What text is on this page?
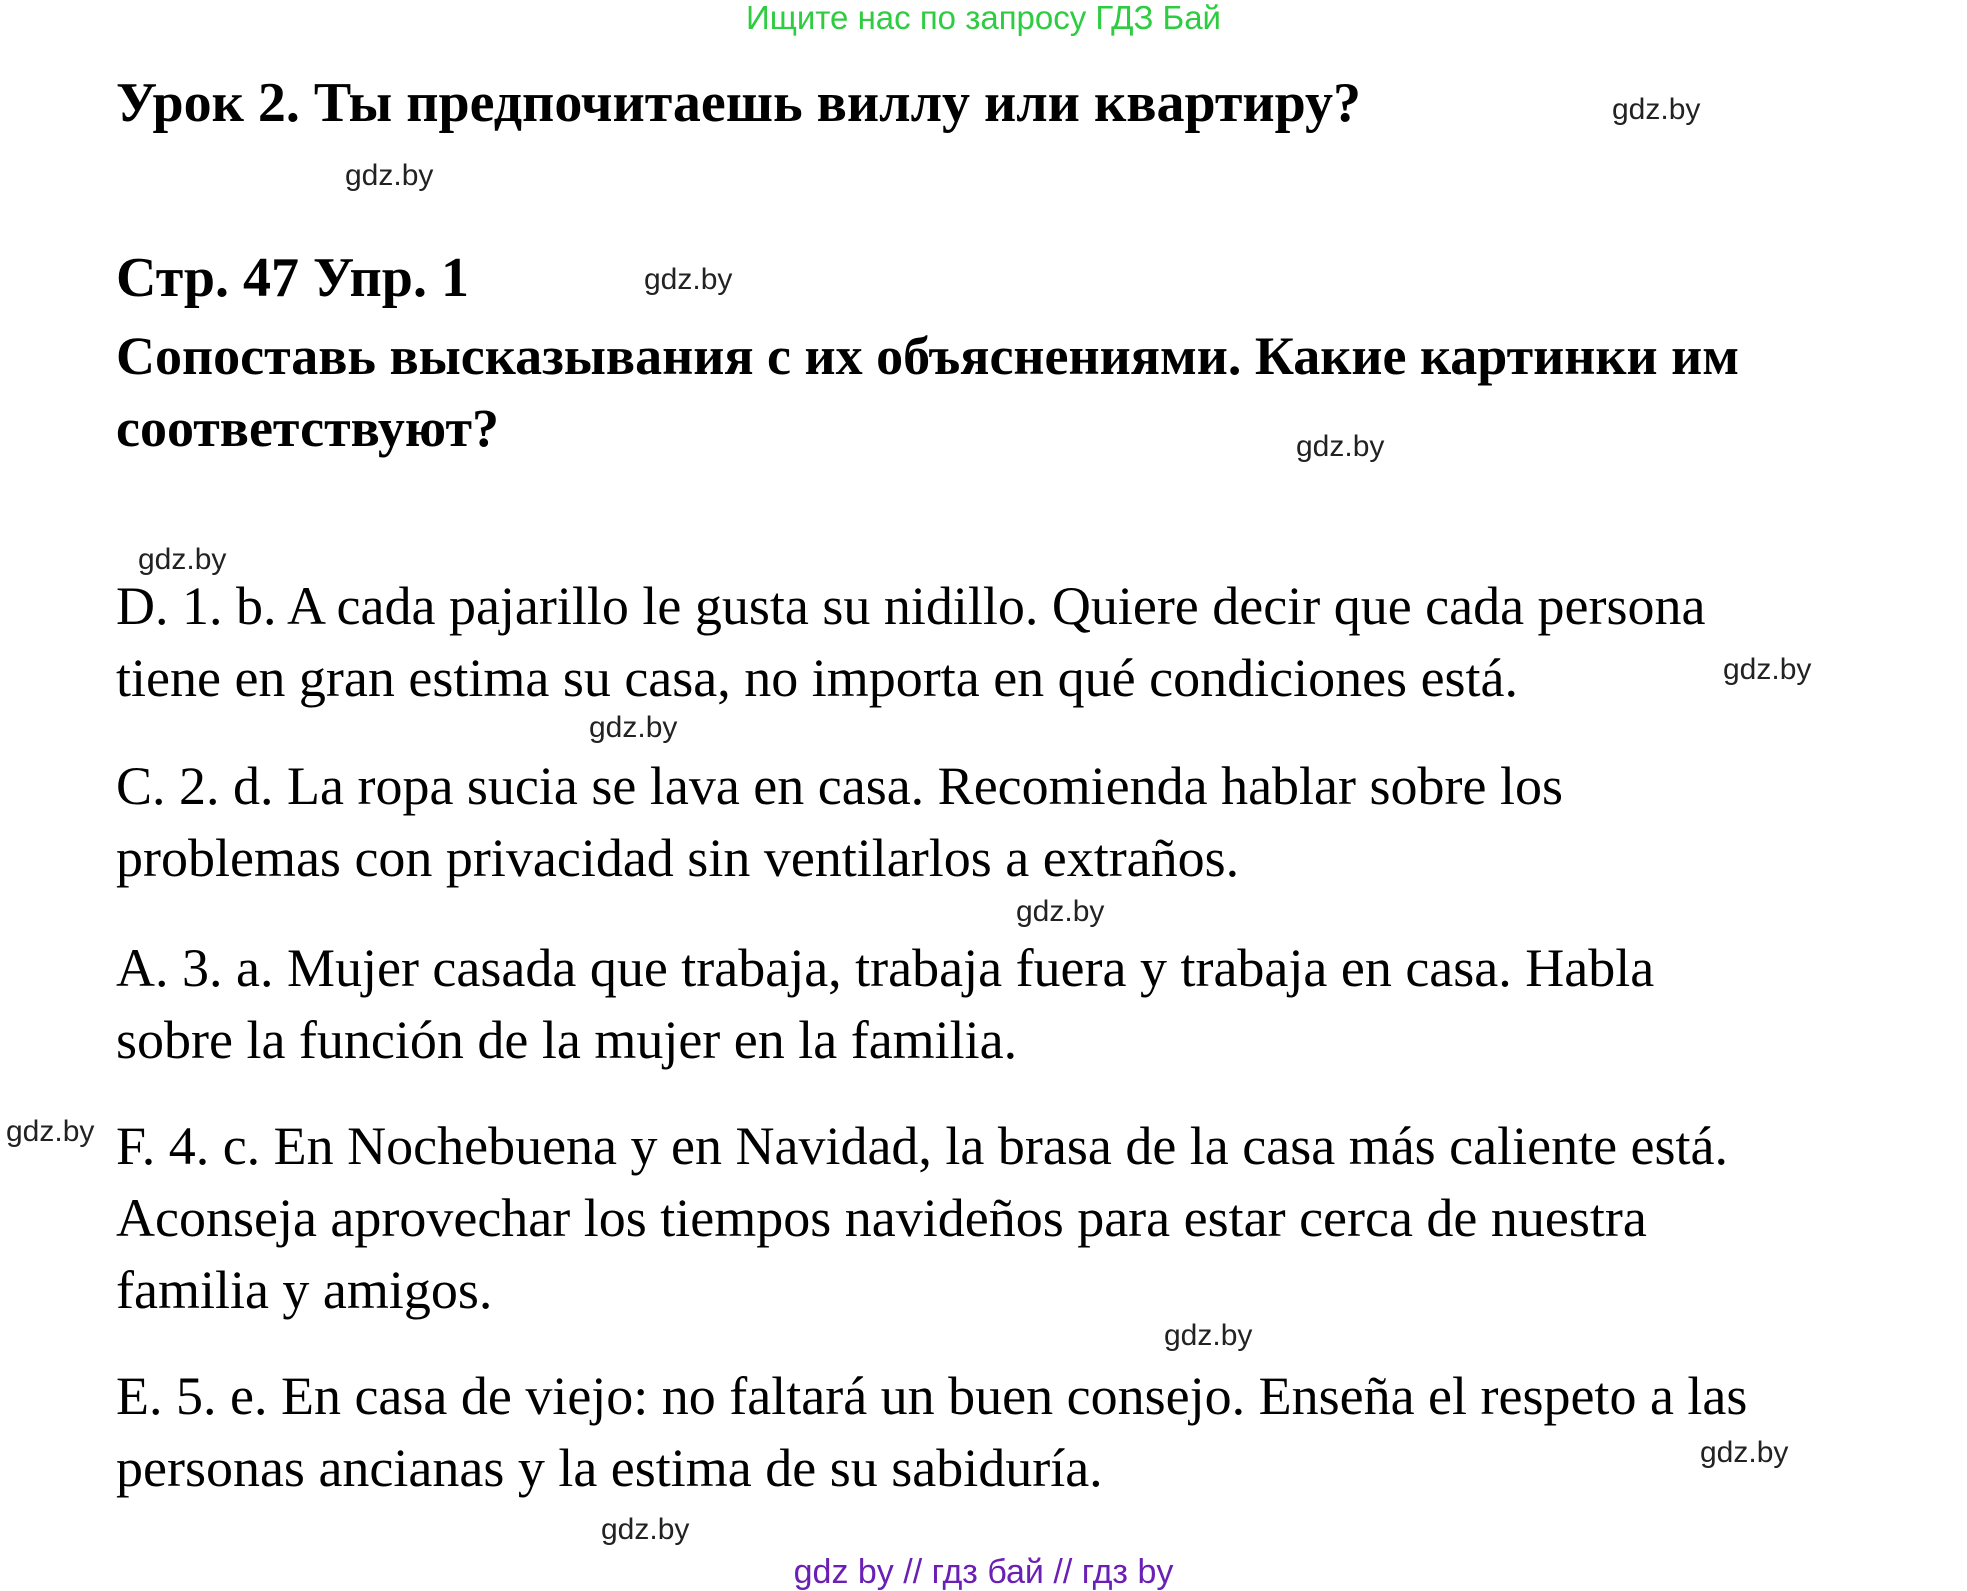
Ищите нас по запросу ГДЗ Бай
Урок 2. Ты предпочитаешь виллу или квартиру?
Стр. 47 Упр. 1
Сопоставь высказывания с их объяснениями. Какие картинки им соответствуют?
D. 1. b. A cada pajarillo le gusta su nidillo. Quiere decir que cada persona
tiene en gran estima su casa, no importa en qué condiciones está.
C. 2. d. La ropa sucia se lava en casa. Recomienda hablar sobre los
problemas con privacidad sin ventilarlos a extraños.
A. 3. a. Mujer casada que trabaja, trabaja fuera y trabaja en casa. Habla
sobre la función de la mujer en la familia.
F. 4. c. En Nochebuena y en Navidad, la brasa de la casa más caliente está.
Aconseja aprovechar los tiempos navideños para estar cerca de nuestra
familia y amigos.
E. 5. e. En casa de viejo: no faltará un buen consejo. Enseña el respeto a las
personas ancianas y la estima de su sabiduría.
gdz.by
gdz.by
gdz.by
gdz.by
gdz.by
gdz.by
gdz.by
gdz.by
gdz.by
gdz.by
gdz.by
gdz.by
gdz by // гдз бай // гдз by
